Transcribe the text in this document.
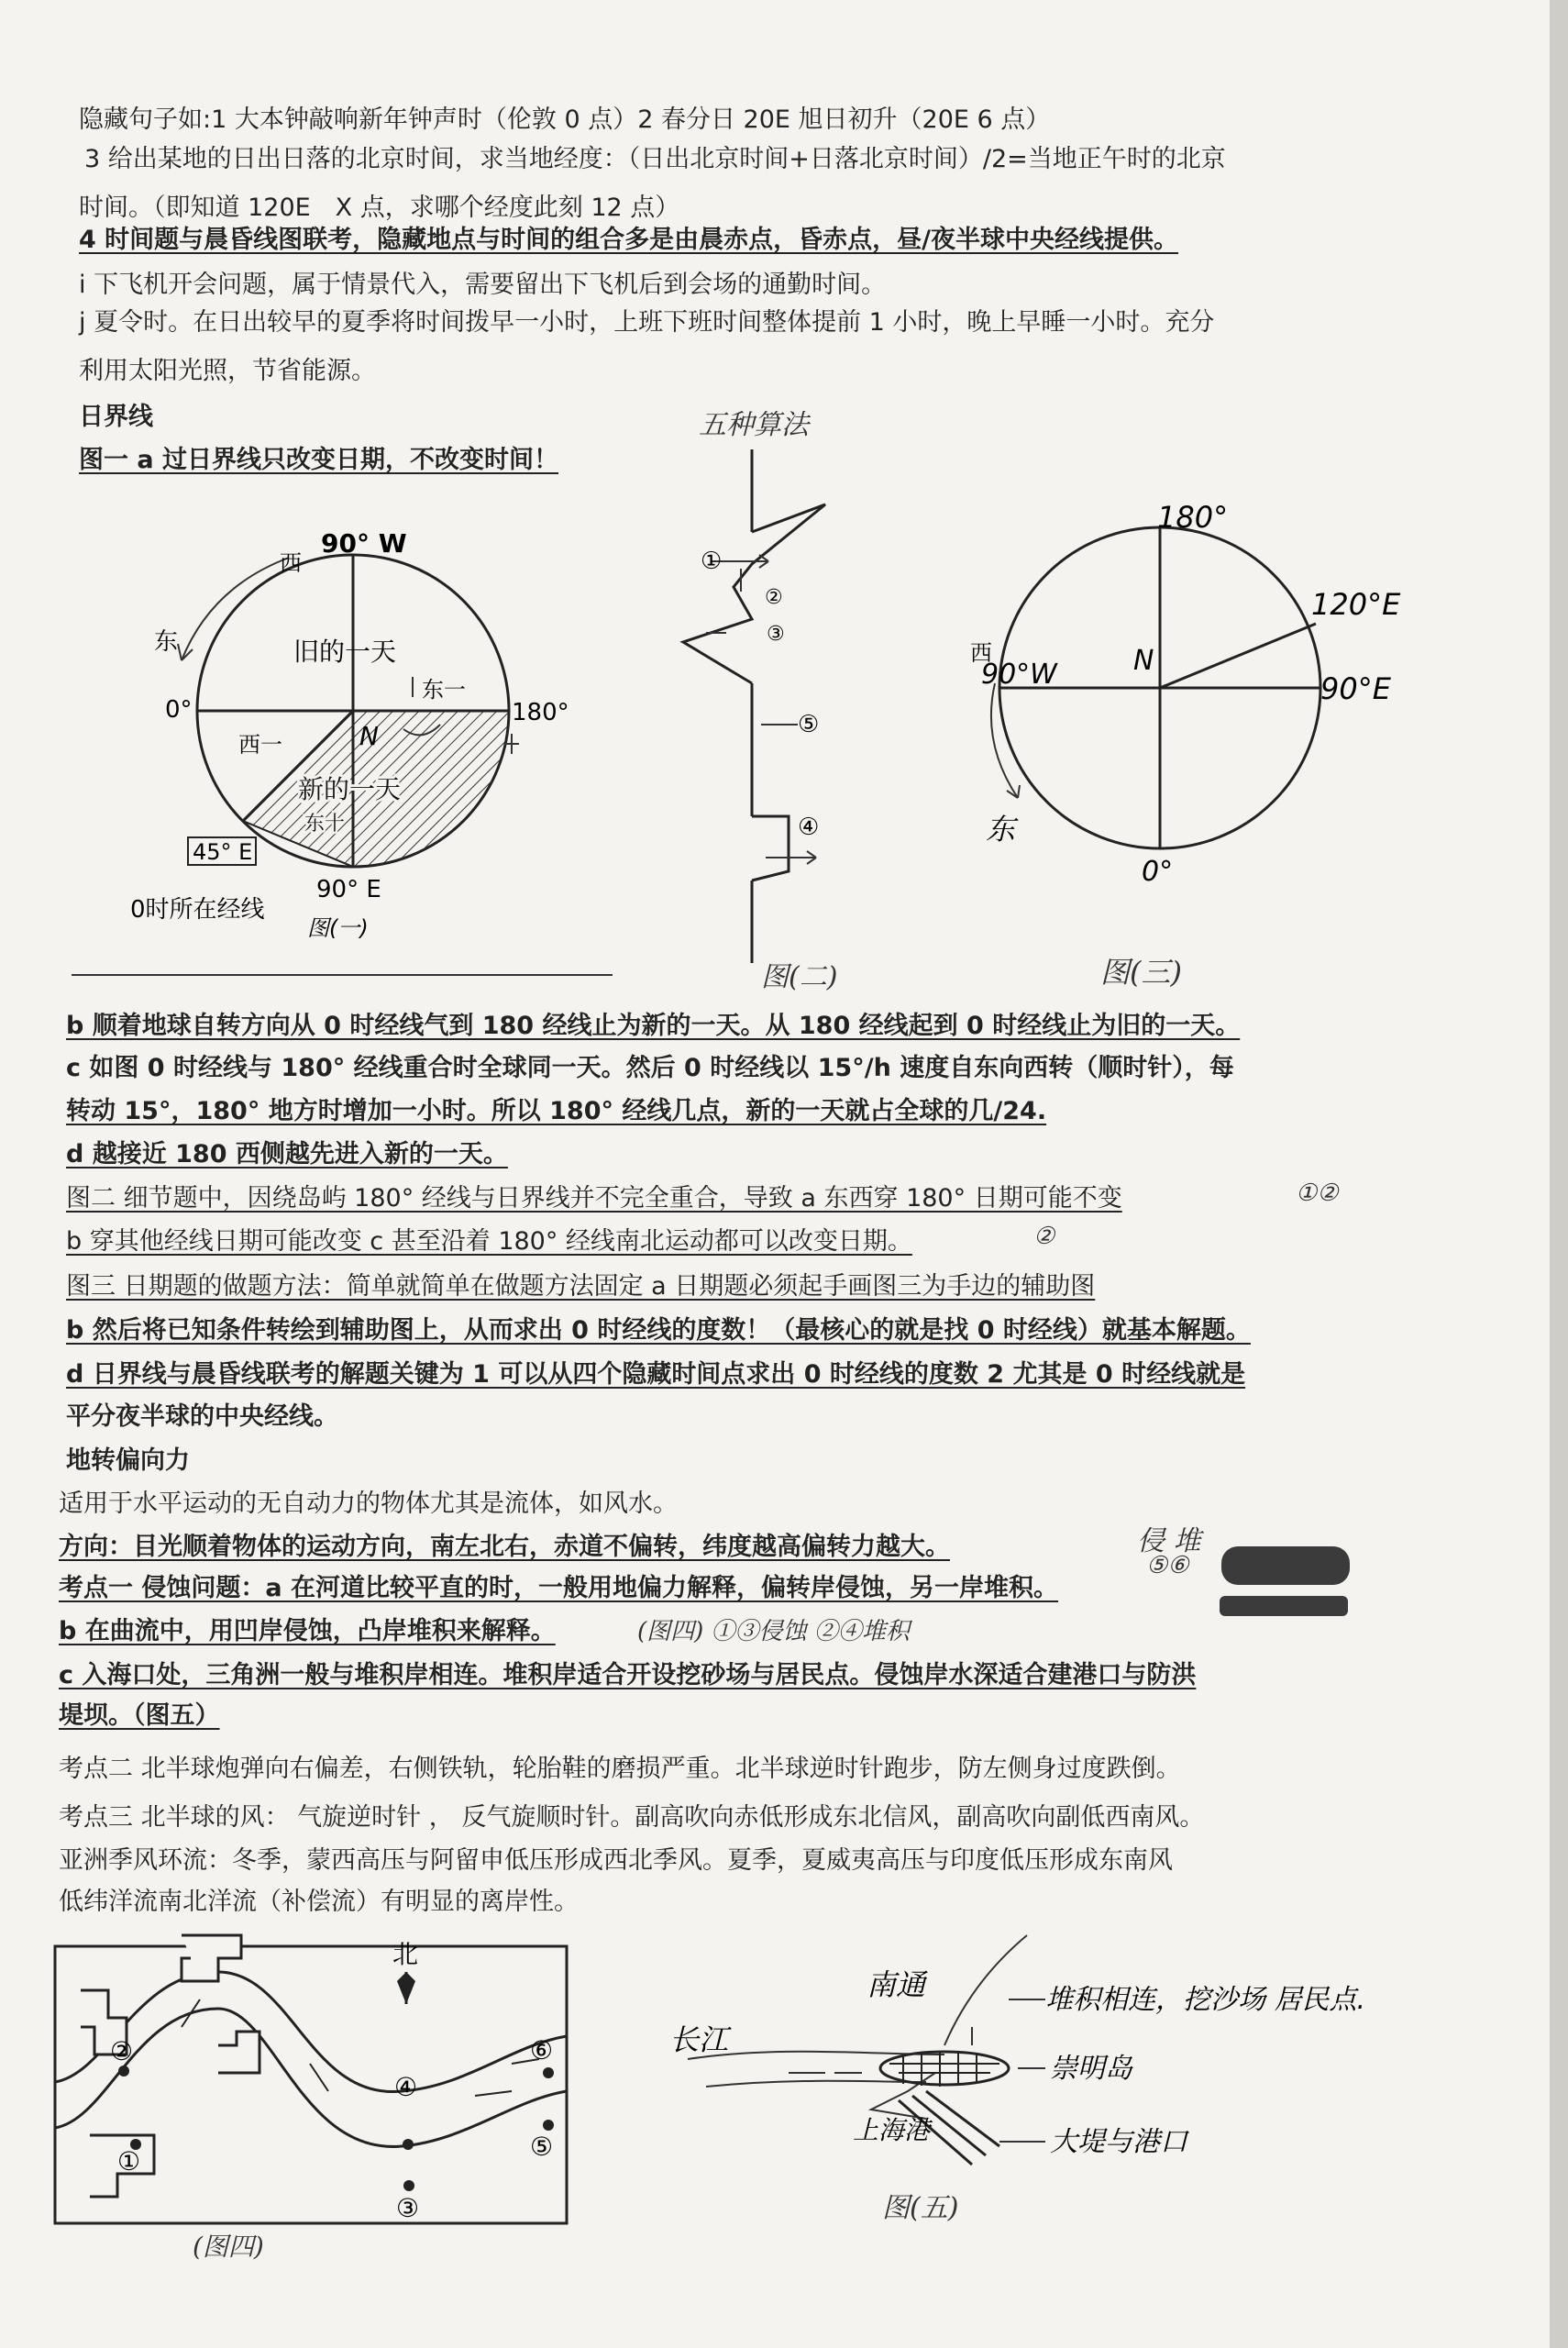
隐藏句子如:1 大本钟敲响新年钟声时（伦敦 0 点）2 春分日 20E 旭日初升（20E 6 点）
3 给出某地的日出日落的北京时间，求当地经度：（日出北京时间+日落北京时间）/2=当地正午时的北京
时间。（即知道 120E　X 点，求哪个经度此刻 12 点）
4 时间题与晨昏线图联考，隐藏地点与时间的组合多是由晨赤点，昏赤点，昼/夜半球中央经线提供。
i 下飞机开会问题，属于情景代入，需要留出下飞机后到会场的通勤时间。
j 夏令时。在日出较早的夏季将时间拨早一小时，上班下班时间整体提前 1 小时，晚上早睡一小时。充分
利用太阳光照，节省能源。
日界线
图一 a 过日界线只改变日期，不改变时间！
五种算法
90° W
西
东	旧的一天
N
东一
西一
180°
0°
新的一天
东十
45° E
90° E
0时所在经线
图(一)
①
②
③
⑤
④
图(二)
180°
120°E
西
90°W	N
90°E
东
0°
图(三)
b 顺着地球自转方向从 0 时经线气到 180 经线止为新的一天。从 180 经线起到 0 时经线止为旧的一天。
c 如图 0 时经线与 180° 经线重合时全球同一天。然后 0 时经线以 15°/h 速度自东向西转（顺时针），每
转动 15°，180° 地方时增加一小时。所以 180° 经线几点，新的一天就占全球的几/24.
d 越接近 180 西侧越先进入新的一天。
图二 细节题中，因绕岛屿 180° 经线与日界线并不完全重合，导致 a 东西穿 180° 日期可能不变	①②
b 穿其他经线日期可能改变 c 甚至沿着 180° 经线南北运动都可以改变日期。	②
图三 日期题的做题方法：简单就简单在做题方法固定 a 日期题必须起手画图三为手边的辅助图
b 然后将已知条件转绘到辅助图上，从而求出 0 时经线的度数！（最核心的就是找 0 时经线）就基本解题。
d 日界线与晨昏线联考的解题关键为 1 可以从四个隐藏时间点求出 0 时经线的度数 2 尤其是 0 时经线就是
平分夜半球的中央经线。
地转偏向力
适用于水平运动的无自动力的物体尤其是流体，如风水。
方向：目光顺着物体的运动方向，南左北右，赤道不偏转，纬度越高偏转力越大。
考点一 侵蚀问题：a 在河道比较平直的时，一般用地偏力解释，偏转岸侵蚀，另一岸堆积。
b 在曲流中，用凹岸侵蚀，凸岸堆积来解释。	(图四) ①③侵蚀 ②④堆积
侵 堆
⑤⑥
c 入海口处，三角洲一般与堆积岸相连。堆积岸适合开设挖砂场与居民点。侵蚀岸水深适合建港口与防洪
堤坝。（图五）
考点二 北半球炮弹向右偏差，右侧铁轨，轮胎鞋的磨损严重。北半球逆时针跑步，防左侧身过度跌倒。
考点三 北半球的风： 气旋逆时针 ， 反气旋顺时针。副高吹向赤低形成东北信风，副高吹向副低西南风。
亚洲季风环流：冬季，蒙西高压与阿留申低压形成西北季风。夏季，夏威夷高压与印度低压形成东南风
低纬洋流南北洋流（补偿流）有明显的离岸性。
北
①
②
③
④
⑤
⑥
(图四)
长江
南通	堆积相连，挖沙场 居民点.
崇明岛
上海港	大堤与港口
图(五)
